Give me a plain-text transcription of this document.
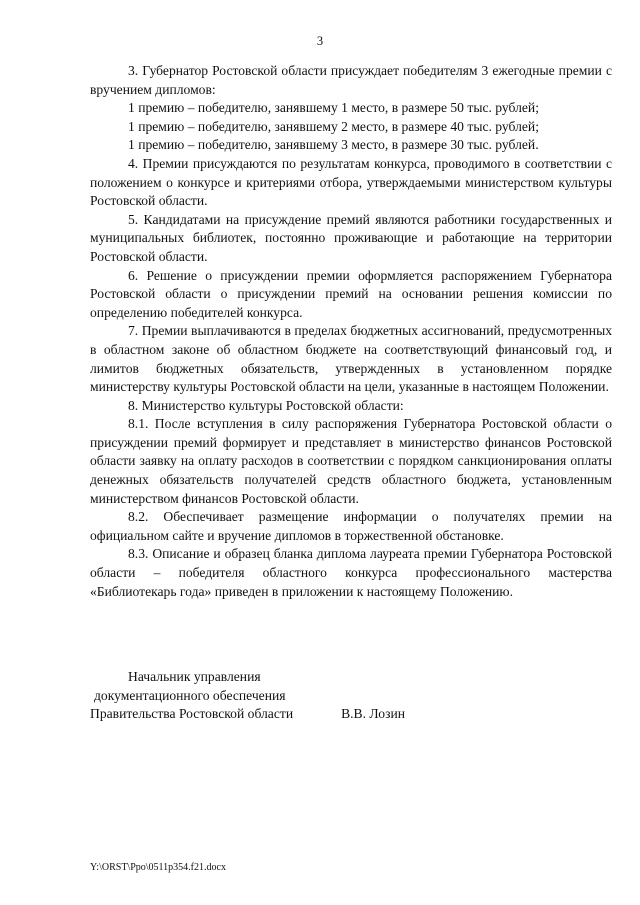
3

3. Губернатор Ростовской области присуждает победителям 3 ежегодные премии с вручением дипломов:

1 премию – победителю, занявшему 1 место, в размере 50 тыс. рублей;

1 премию – победителю, занявшему 2 место, в размере 40 тыс. рублей;

1 премию – победителю, занявшему 3 место, в размере 30 тыс. рублей.

4. Премии присуждаются по результатам конкурса, проводимого в соответствии с положением о конкурсе и критериями отбора, утверждаемыми министерством культуры Ростовской области.

5. Кандидатами на присуждение премий являются работники государственных и муниципальных библиотек, постоянно проживающие и работающие на территории Ростовской области.

6. Решение о присуждении премии оформляется распоряжением Губернатора Ростовской области о присуждении премий на основании решения комиссии по определению победителей конкурса.

7. Премии выплачиваются в пределах бюджетных ассигнований, предусмотренных в областном законе об областном бюджете на соответствующий финансовый год, и лимитов бюджетных обязательств, утвержденных в установленном порядке министерству культуры Ростовской области на цели, указанные в настоящем Положении.

8. Министерство культуры Ростовской области:

8.1. После вступления в силу распоряжения Губернатора Ростовской области о присуждении премий формирует и представляет в министерство финансов Ростовской области заявку на оплату расходов в соответствии с порядком санкционирования оплаты денежных обязательств получателей средств областного бюджета, установленным министерством финансов Ростовской области.

8.2. Обеспечивает размещение информации о получателях премии на официальном сайте и вручение дипломов в торжественной обстановке.

8.3. Описание и образец бланка диплома лауреата премии Губернатора Ростовской области – победителя областного конкурса профессионального мастерства «Библиотекарь года» приведен в приложении к настоящему Положению.

Начальник управления

документационного обеспечения

Правительства Ростовской области	В.В. Лозин

Y:\ORST\Ppo\0511p354.f21.docx
